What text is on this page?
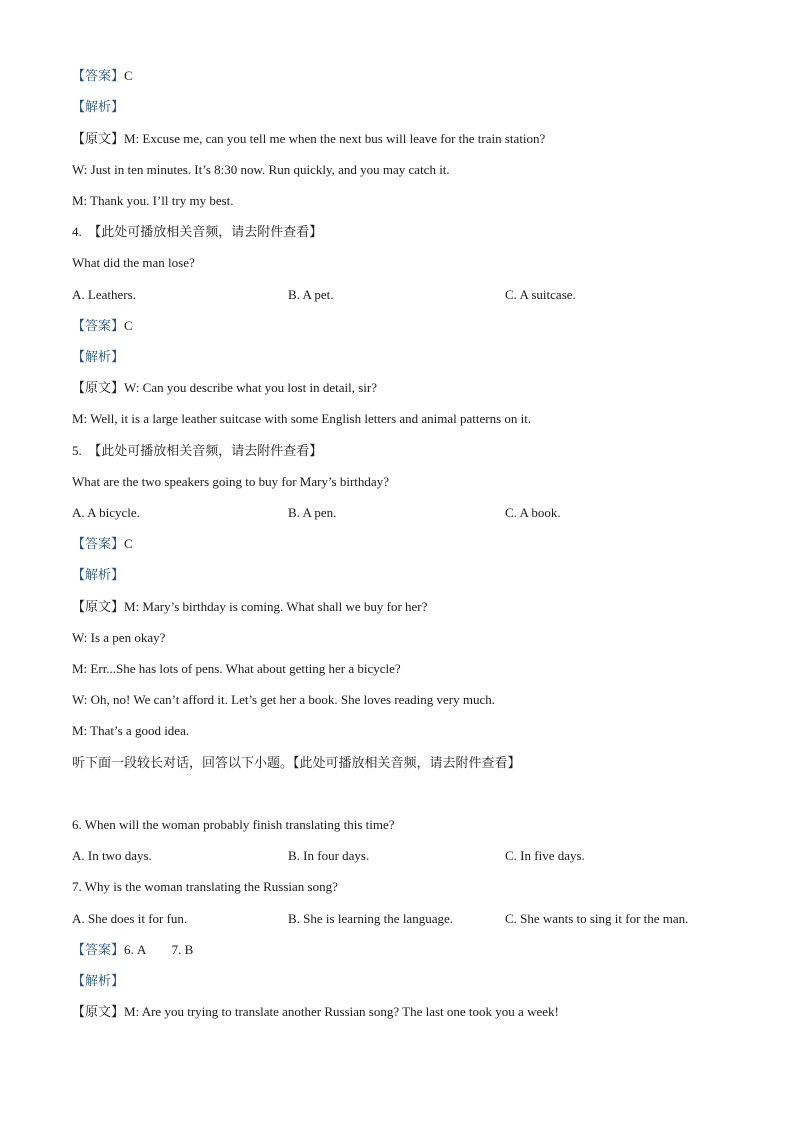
【答案】C
【解析】
【原文】M: Excuse me, can you tell me when the next bus will leave for the train station?
W: Just in ten minutes. It’s 8:30 now. Run quickly, and you may catch it.
M: Thank you. I’ll try my best.
4. 【此处可播放相关音频，请去附件查看】
What did the man lose?
A. Leathers.	B. A pet.	C. A suitcase.
【答案】C
【解析】
【原文】W: Can you describe what you lost in detail, sir?
M: Well, it is a large leather suitcase with some English letters and animal patterns on it.
5. 【此处可播放相关音频，请去附件查看】
What are the two speakers going to buy for Mary’s birthday?
A. A bicycle.	B. A pen.	C. A book.
【答案】C
【解析】
【原文】M: Mary’s birthday is coming. What shall we buy for her?
W: Is a pen okay?
M: Err...She has lots of pens. What about getting her a bicycle?
W: Oh, no! We can’t afford it. Let’s get her a book. She loves reading very much.
M: That’s a good idea.
听下面一段较长对话，回答以下小题。【此处可播放相关音频，请去附件查看】
6. When will the woman probably finish translating this time?
A. In two days.	B. In four days.	C. In five days.
7. Why is the woman translating the Russian song?
A. She does it for fun.	B. She is learning the language.	C. She wants to sing it for the man.
【答案】6. A        7. B
【解析】
【原文】M: Are you trying to translate another Russian song? The last one took you a week!
